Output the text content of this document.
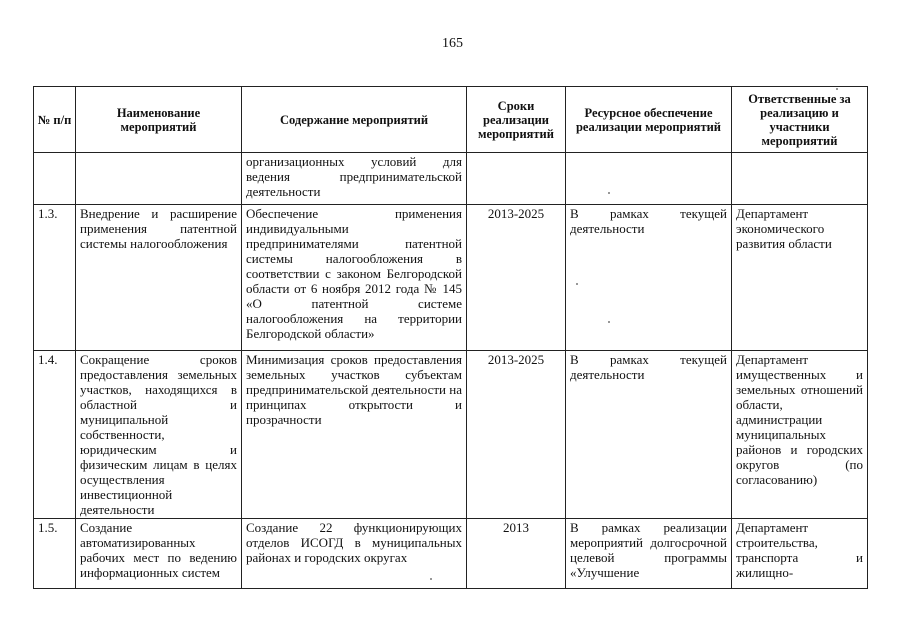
165
№ п/п	Наименование мероприятий	Содержание мероприятий	Сроки реализации мероприятий	Ресурсное обеспечение реализации мероприятий	Ответственные за реализацию и участники мероприятий
		организационных условий для ведения предпринимательской деятельности			
1.3.	Внедрение и расширение применения патентной системы налогообложения	Обеспечение применения индивидуальными предпринимателями патентной системы налогообложения в соответствии с законом Белгородской области от 6 ноября 2012 года № 145 «О патентной системе налогообложения на территории Белгородской области»	2013-2025	В рамках текущей деятельности	Департамент экономического развития области
1.4.	Сокращение сроков предоставления земельных участков, находящихся в областной и муниципальной собственности, юридическим и физическим лицам в целях осуществления инвестиционной деятельности	Минимизация сроков предоставления земельных участков субъектам предпринимательской деятельности на принципах открытости и прозрачности	2013-2025	В рамках текущей деятельности	Департамент имущественных и земельных отношений области, администрации муниципальных районов и городских округов (по согласованию)
1.5.	Создание автоматизированных рабочих мест по ведению информационных систем	Создание 22 функционирующих отделов ИСОГД в муниципальных районах и городских округах	2013	В рамках реализации мероприятий долгосрочной целевой программы «Улучшение	Департамент строительства, транспорта и жилищно-
